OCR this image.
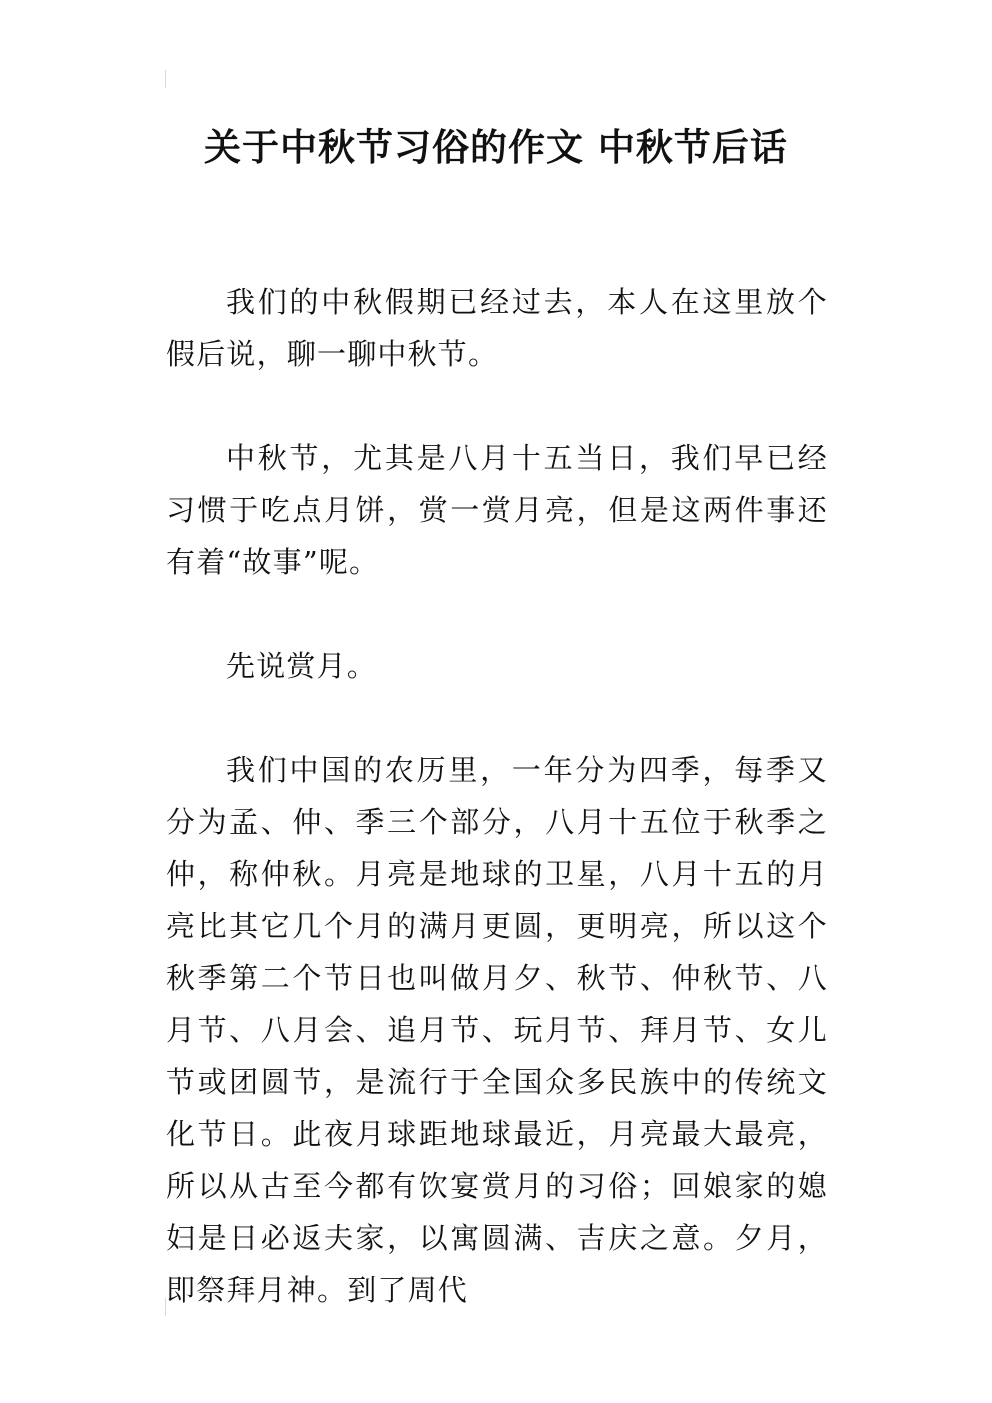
关于中秋节习俗的作文 中秋节后话

我们的中秋假期已经过去，本人在这里放个假后说，聊一聊中秋节。

中秋节，尤其是八月十五当日，我们早已经习惯于吃点月饼，赏一赏月亮，但是这两件事还有着“故事”呢。

先说赏月。

我们中国的农历里，一年分为四季，每季又分为孟、仲、季三个部分，八月十五位于秋季之仲，称仲秋。月亮是地球的卫星，八月十五的月亮比其它几个月的满月更圆，更明亮，所以这个秋季第二个节日也叫做月夕、秋节、仲秋节、八月节、八月会、追月节、玩月节、拜月节、女儿节或团圆节，是流行于全国众多民族中的传统文化节日。此夜月球距地球最近，月亮最大最亮，所以从古至今都有饮宴赏月的习俗；回娘家的媳妇是日必返夫家，以寓圆满、吉庆之意。夕月，即祭拜月神。到了周代
